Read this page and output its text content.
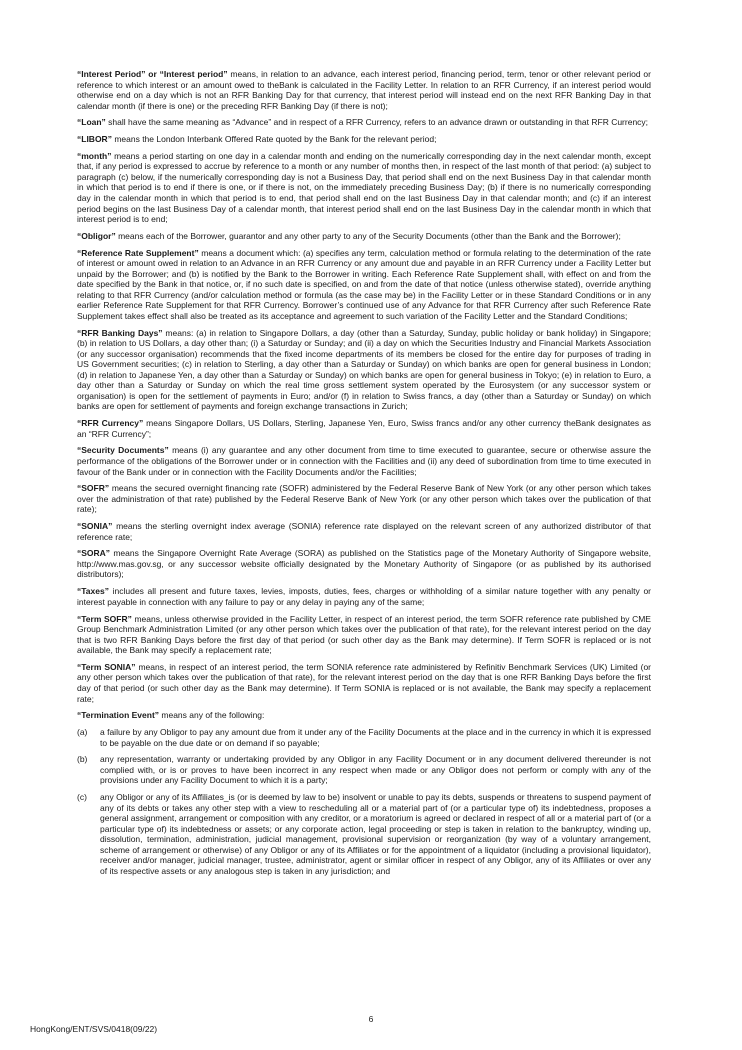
“Interest Period” or “Interest period” means, in relation to an advance, each interest period, financing period, term, tenor or other relevant period or reference to which interest or an amount owed to theBank is calculated in the Facility Letter. In relation to an RFR Currency, if an interest period would otherwise end on a day which is not an RFR Banking Day for that currency, that interest period will instead end on the next RFR Banking Day in that calendar month (if there is one) or the preceding RFR Banking Day (if there is not);

“Loan” shall have the same meaning as “Advance” and in respect of a RFR Currency, refers to an advance drawn or outstanding in that RFR Currency;

“LIBOR” means the London Interbank Offered Rate quoted by the Bank for the relevant period;

“month” means a period starting on one day in a calendar month and ending on the numerically corresponding day in the next calendar month, except that, if any period is expressed to accrue by reference to a month or any number of months then, in respect of the last month of that period: (a) subject to paragraph (c) below, if the numerically corresponding day is not a Business Day, that period shall end on the next Business Day in that calendar month in which that period is to end if there is one, or if there is not, on the immediately preceding Business Day; (b) if there is no numerically corresponding day in the calendar month in which that period is to end, that period shall end on the last Business Day in that calendar month; and (c) if an interest period begins on the last Business Day of a calendar month, that interest period shall end on the last Business Day in the calendar month in which that interest period is to end;

“Obligor” means each of the Borrower, guarantor and any other party to any of the Security Documents (other than the Bank and the Borrower);

“Reference Rate Supplement” means a document which: (a) specifies any term, calculation method or formula relating to the determination of the rate of interest or amount owed in relation to an Advance in an RFR Currency or any amount due and payable in an RFR Currency under a Facility Letter but unpaid by the Borrower; and (b) is notified by the Bank to the Borrower in writing. Each Reference Rate Supplement shall, with effect on and from the date specified by the Bank in that notice, or, if no such date is specified, on and from the date of that notice (unless otherwise stated), override anything relating to that RFR Currency (and/or calculation method or formula (as the case may be) in the Facility Letter or in these Standard Conditions or in any earlier Reference Rate Supplement for that RFR Currency. Borrower’s continued use of any Advance for that RFR Currency after such Reference Rate Supplement takes effect shall also be treated as its acceptance and agreement to such variation of the Facility Letter and the Standard Conditions;

“RFR Banking Days” means: (a) in relation to Singapore Dollars, a day (other than a Saturday, Sunday, public holiday or bank holiday) in Singapore; (b) in relation to US Dollars, a day other than; (i) a Saturday or Sunday; and (ii) a day on which the Securities Industry and Financial Markets Association (or any successor organisation) recommends that the fixed income departments of its members be closed for the entire day for purposes of trading in US Government securities; (c) in relation to Sterling, a day other than a Saturday or Sunday) on which banks are open for general business in London; (d) in relation to Japanese Yen, a day other than a Saturday or Sunday) on which banks are open for general business in Tokyo; (e) in relation to Euro, a day other than a Saturday or Sunday on which the real time gross settlement system operated by the Eurosystem (or any successor system or organisation) is open for the settlement of payments in Euro; and/or (f) in relation to Swiss francs, a day (other than a Saturday or Sunday) on which banks are open for settlement of payments and foreign exchange transactions in Zurich;

“RFR Currency” means Singapore Dollars, US Dollars, Sterling, Japanese Yen, Euro, Swiss francs and/or any other currency theBank designates as an “RFR Currency”;

“Security Documents” means (i) any guarantee and any other document from time to time executed to guarantee, secure or otherwise assure the performance of the obligations of the Borrower under or in connection with the Facilities and (ii) any deed of subordination from time to time executed in favour of the Bank under or in connection with the Facility Documents and/or the Facilities;

“SOFR” means the secured overnight financing rate (SOFR) administered by the Federal Reserve Bank of New York (or any other person which takes over the administration of that rate) published by the Federal Reserve Bank of New York (or any other person which takes over the publication of that rate);

“SONIA” means the sterling overnight index average (SONIA) reference rate displayed on the relevant screen of any authorized distributor of that reference rate;

“SORA” means the Singapore Overnight Rate Average (SORA) as published on the Statistics page of the Monetary Authority of Singapore website, http://www.mas.gov.sg, or any successor website officially designated by the Monetary Authority of Singapore (or as published by its authorised distributors);

“Taxes” includes all present and future taxes, levies, imposts, duties, fees, charges or withholding of a similar nature together with any penalty or interest payable in connection with any failure to pay or any delay in paying any of the same;

“Term SOFR” means, unless otherwise provided in the Facility Letter, in respect of an interest period, the term SOFR reference rate published by CME Group Benchmark Administration Limited (or any other person which takes over the publication of that rate), for the relevant interest period on the day that is two RFR Banking Days before the first day of that period (or such other day as the Bank may determine). If Term SOFR is replaced or is not available, the Bank may specify a replacement rate;

“Term SONIA” means, in respect of an interest period, the term SONIA reference rate administered by Refinitiv Benchmark Services (UK) Limited (or any other person which takes over the publication of that rate), for the relevant interest period on the day that is one RFR Banking Days before the first day of that period (or such other day as the Bank may determine). If Term SONIA is replaced or is not available, the Bank may specify a replacement rate;

“Termination Event” means any of the following:

(a)	a failure by any Obligor to pay any amount due from it under any of the Facility Documents at the place and in the currency in which it is expressed to be payable on the due date or on demand if so payable;
(b)	any representation, warranty or undertaking provided by any Obligor in any Facility Document or in any document delivered thereunder is not complied with, or is or proves to have been incorrect in any respect when made or any Obligor does not perform or comply with any of the provisions under any Facility Document to which it is a party;
(c)	any Obligor or any of its Affiliates_is (or is deemed by law to be) insolvent or unable to pay its debts, suspends or threatens to suspend payment of any of its debts or takes any other step with a view to rescheduling all or a material part of (or a particular type of) its indebtedness, proposes a general assignment, arrangement or composition with any creditor, or a moratorium is agreed or declared in respect of all or a material part of (or a particular type of) its indebtedness or assets; or any corporate action, legal proceeding or step is taken in relation to the bankruptcy, winding up, dissolution, termination, administration, judicial management, provisional supervision or reorganization (by way of a voluntary arrangement, scheme of arrangement or otherwise) of any Obligor or any of its Affiliates or for the appointment of a liquidator (including a provisional liquidator), receiver and/or manager, judicial manager, trustee, administrator, agent or similar officer in respect of any Obligor, any of its Affiliates or over any of its respective assets or any analogous step is taken in any jurisdiction; and
6
HongKong/ENT/SVS/0418(09/22)
